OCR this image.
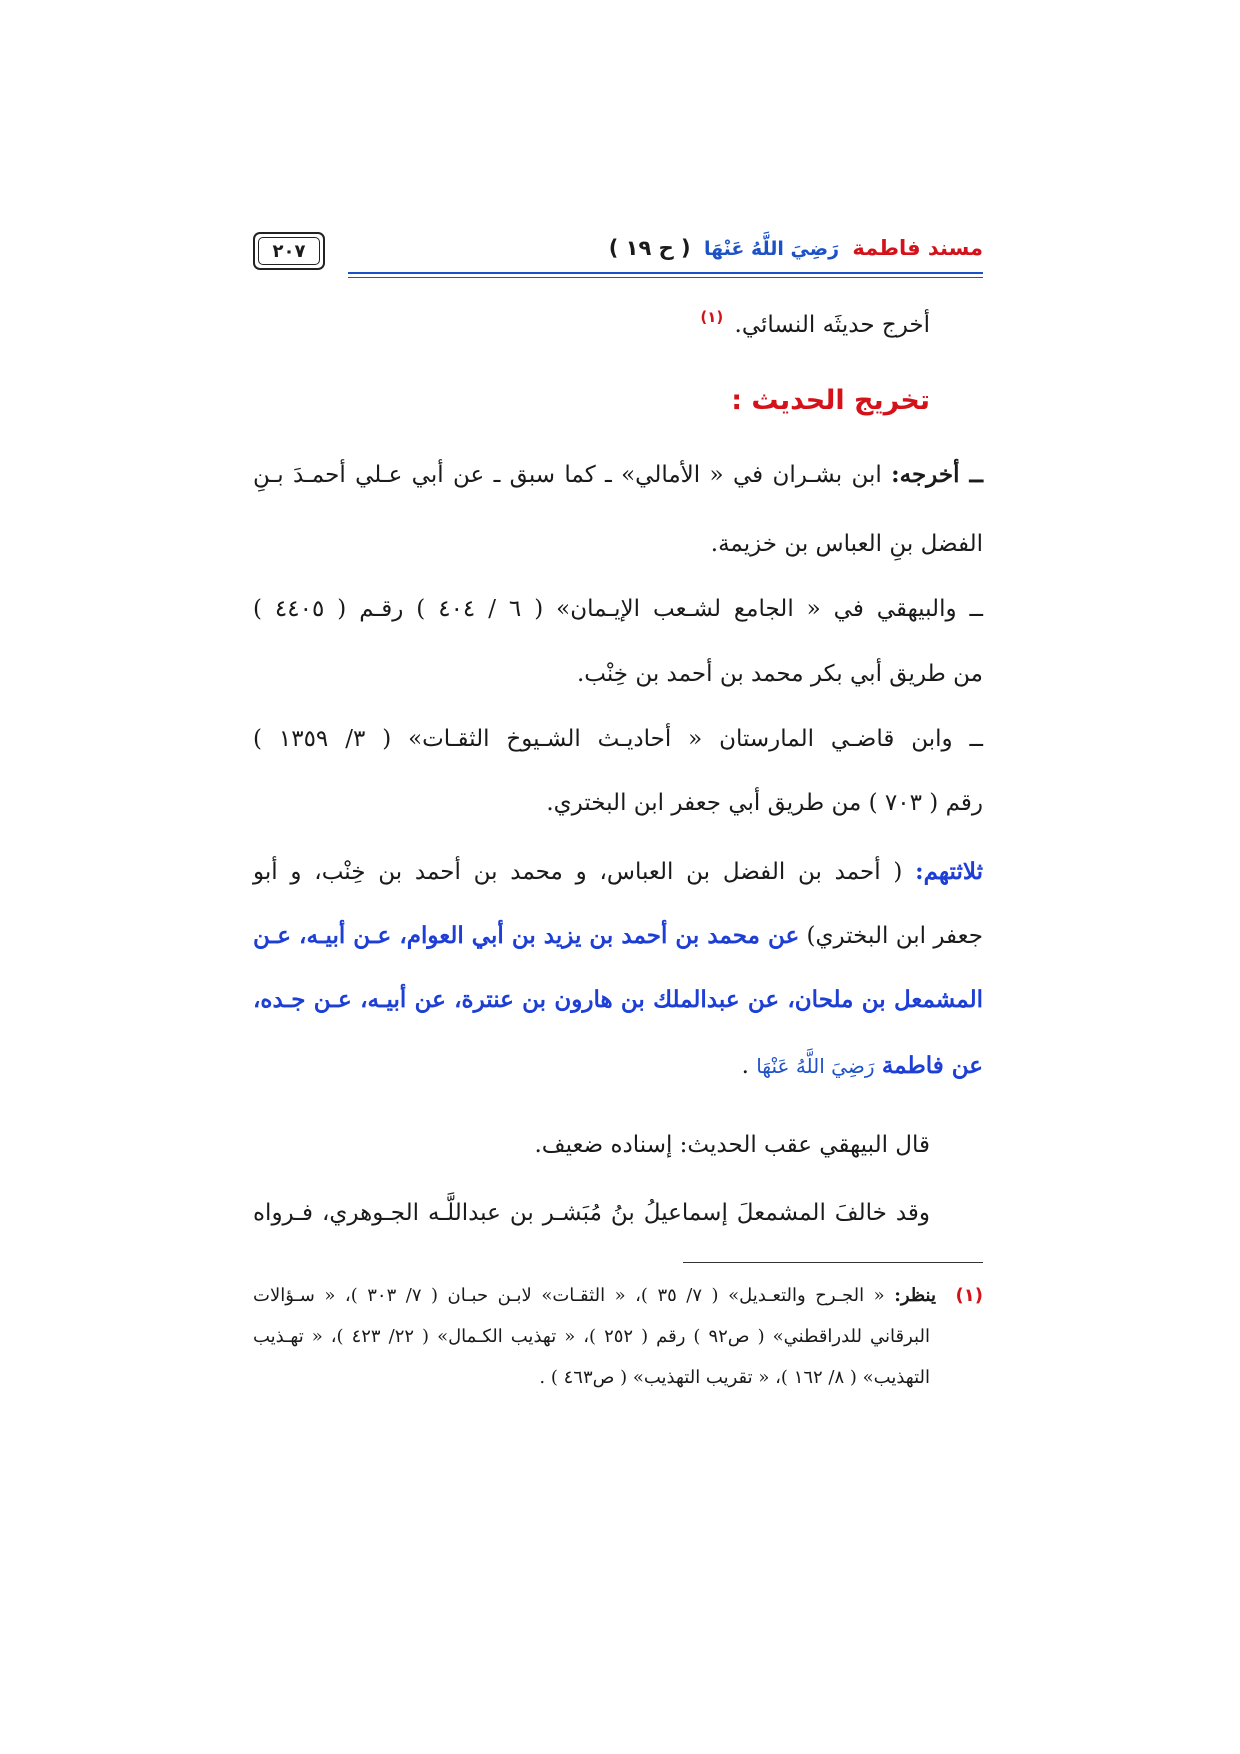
مسند فاطمة رَضِيَ اللَّهُ عَنْهَا ( ح ١٩ )
٢٠٧
أخرج حديثَه النسائي. $^{(١)}$
تخريج الحديث :
ــ أخرجه: ابن بشـران في « الأمالي» ـ كما سبق ـ عن أبي عـلي أحمـدَ بـنِ
الفضل بنِ العباس بن خزيمة.
ــ والبيهقي في « الجامع لشـعب الإيـمان» ( ٦ / ٤٠٤ ) رقـم ( ٤٤٠٥ )
من طريق أبي بكر محمد بن أحمد بن خِنْب.
ــ وابن قاضـي المارستان « أحاديـث الشـيوخ الثقـات» ( ٣/ ١٣٥٩ )
رقم ( ٧٠٣ ) من طريق أبي جعفر ابن البختري.
ثلاثتهم: ( أحمد بن الفضل بن العباس، و محمد بن أحمد بن خِنْب، و أبو
جعفر ابن البختري) عن محمد بن أحمد بن يزيد بن أبي العوام، عـن أبيـه، عـن
المشمعل بن ملحان، عن عبدالملك بن هارون بن عنترة، عن أبيـه، عـن جـده،
عن فاطمة رَضِيَ اللَّهُ عَنْهَا .
قال البيهقي عقب الحديث: إسناده ضعيف.
وقد خالفَ المشمعلَ إسماعيلُ بنُ مُبَشـر بن عبداللَّـه الجـوهري، فـرواه
(١) ينظر: « الجـرح والتعـديل» ( ٧/ ٣٥ )، « الثقـات» لابـن حبـان ( ٧/ ٣٠٣ )، « سـؤالات
البرقاني للدراقطني» ( ص٩٢ ) رقم ( ٢٥٢ )، « تهذيب الكـمال» ( ٢٢/ ٤٢٣ )، « تهـذيب
التهذيب» ( ٨/ ١٦٢ )، « تقريب التهذيب» ( ص٤٦٣ ) .
